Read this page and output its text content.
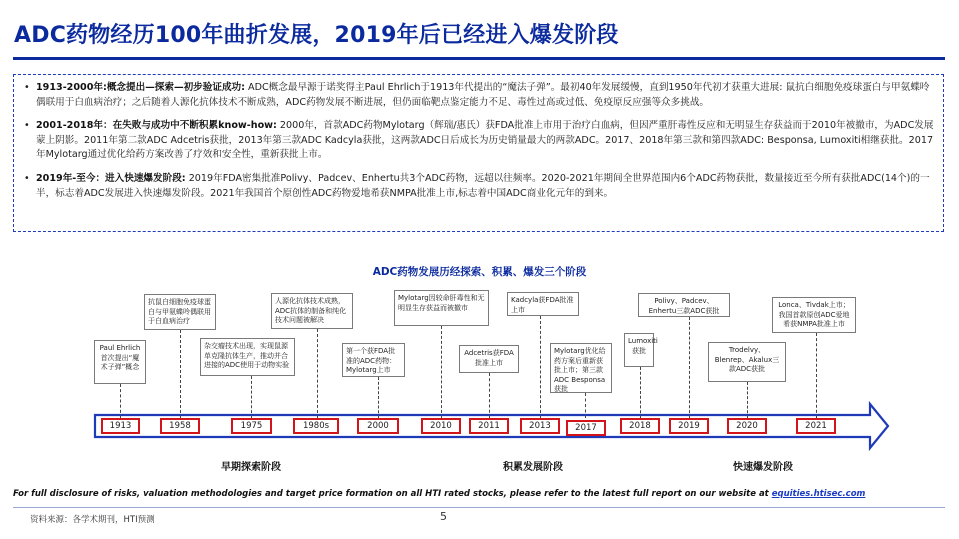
ADC药物经历100年曲折发展，2019年后已经进入爆发阶段
• 1913-2000年:概念提出—探索—初步验证成功: ADC概念最早源于诺奖得主Paul Ehrlich于1913年代提出的“魔法子弹”。最初40年发展缓慢，直到1950年代初才获重大进展: 鼠抗白细胞免疫球蛋白与甲氨蝶呤偶联用于白血病治疗；之后随着人源化抗体技术不断成熟，ADC药物发展不断进展，但仍面临靶点鉴定能力不足、毒性过高或过低、免疫原反应强等众多挑战。
• 2001-2018年：在失败与成功中不断积累know-how: 2000年，首款ADC药物Mylotarg（辉瑞/惠氏）获FDA批准上市用于治疗白血病，但因严重肝毒性反应和无明显生存获益而于2010年被撤市，为ADC发展蒙上阴影。2011年第二款ADC Adcetris获批，2013年第三款ADC Kadcyla获批，这两款ADC日后成长为历史销量最大的两款ADC。2017、2018年第三款和第四款ADC: Besponsa, Lumoxiti相继获批。2017年Mylotarg通过优化给药方案改善了疗效和安全性，重新获批上市。
• 2019年-至今：进入快速爆发阶段: 2019年FDA密集批准Polivy、Padcev、Enhertu共3个ADC药物，远超以往频率。2020-2021年期间全世界范围内6个ADC药物获批，数量接近至今所有获批ADC(14个)的一半，标志着ADC发展进入快速爆发阶段。2021年我国首个原创性ADC药物爱地希获NMPA批准上市,标志着中国ADC商业化元年的到来。
ADC药物发展历经探索、积累、爆发三个阶段
抗鼠白细胞免疫球蛋白与甲氨蝶呤偶联用于白血病治疗
人源化抗体技术成熟，ADC抗体的制备和纯化技术问题被解决
Mylotarg因较命肝毒性和无明显生存获益而被撤市
Kadcyla获FDA批准上市
Polivy、Padcev、Enhertu三款ADC获批
Lonca、Tivdak上市；我国首款原创ADC爱地希获NMPA批准上市
Paul Ehrlich首次提出“魔术子弹”概念
杂交瘤技术出现，实现鼠源单克隆抗体生产，推动并合进接的ADC使用于动物实验
第一个获FDA批准的ADC药物：Mylotarg上市
Adcetris获FDA批准上市
Mylotarg优化给药方案后重新获批上市；第三款ADC Besponsa获批
Lumoxiti获批	Trodelvy、Blenrep、Akalux三款ADC获批
1913	1958	1975	1980s	2000	2010	2011	2013	2017	2018	2019	2020	2021
早期探索阶段	积累发展阶段	快速爆发阶段
For full disclosure of risks, valuation methodologies and target price formation on all HTI rated stocks, please refer to the latest full report on our website at equities.htisec.com
资料来源：各学术期刊，HTI预测	5
